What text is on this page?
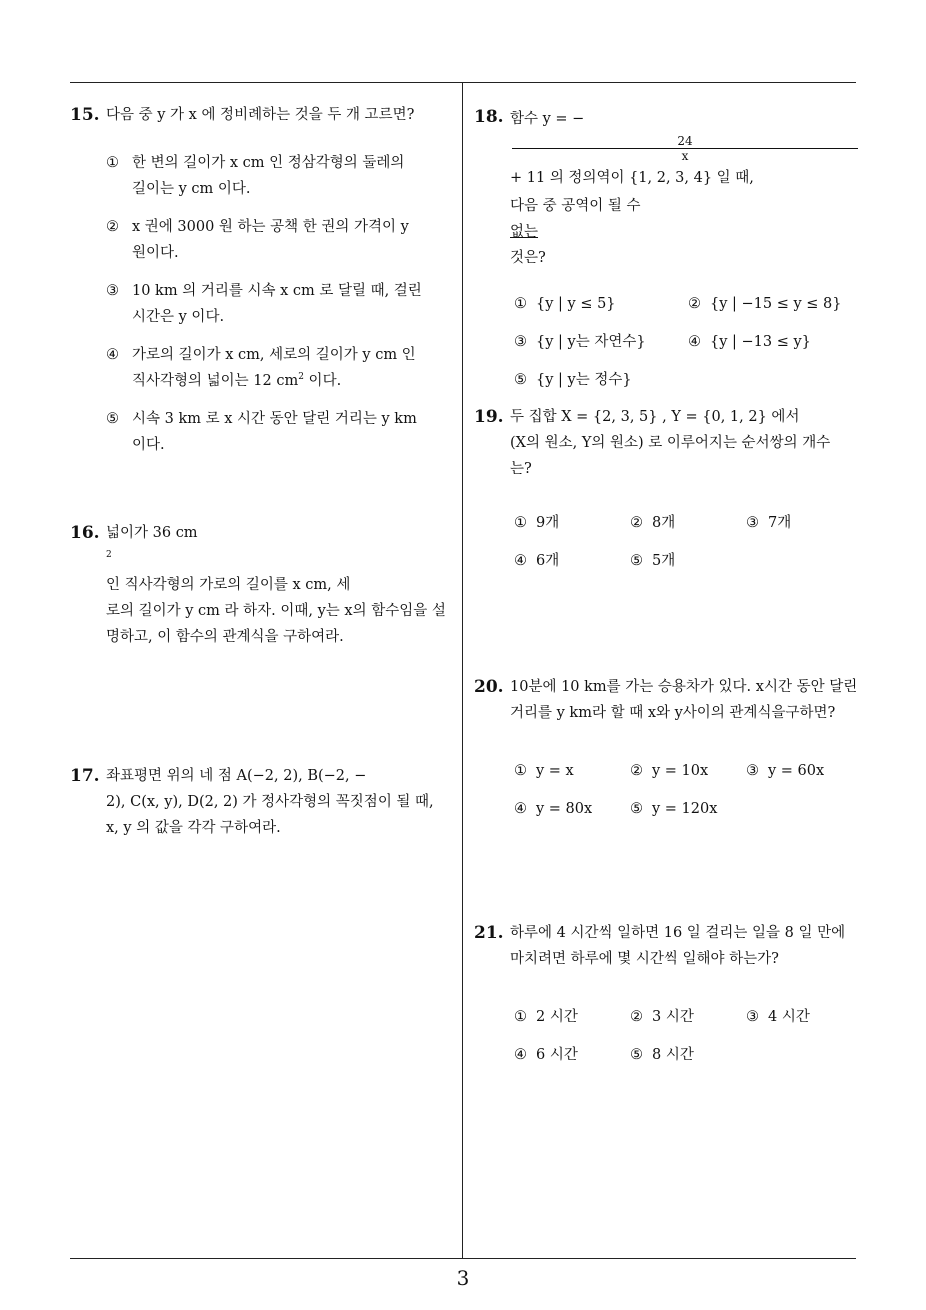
15. 다음 중 y 가 x 에 정비례하는 것을 두 개 고르면?
① 한 변의 길이가 x cm 인 정삼각형의 둘레의
길이는 y cm 이다.
② x 권에 3000 원 하는 공책 한 권의 가격이 y
원이다.
③ 10 km 의 거리를 시속 x cm 로 달릴 때, 걸린
시간은 y 이다.
④ 가로의 길이가 x cm, 세로의 길이가 y cm 인
직사각형의 넓이는 12 $cm^2$ 이다.
⑤ 시속 3 km 로 x 시간 동안 달린 거리는 y km
이다.
16. 넓이가 36 cm
$^2$
인 직사각형의 가로의 길이를 x cm, 세
로의 길이가 y cm 라 하자. 이때, y는 x의 함수임을 설
명하고, 이 함수의 관계식을 구하여라.
17. 좌표평면 위의 네 점 A(−2, 2), B(−2, −
2), C(x, y), D(2, 2) 가 정사각형의 꼭짓점이 될 때,
x, y 의 값을 각각 구하여라.
18. 함수 y = −
24
x
+ 11 의 정의역이 {1, 2, 3, 4} 일 때,
다음 중 공역이 될 수
없는
것은?
① {y | y ≤ 5}	② {y | −15 ≤ y ≤ 8}
③ {y | y는 자연수}	④ {y | −13 ≤ y}
⑤ {y | y는 정수}
19. 두 집합 X = {2, 3, 5} , Y = {0, 1, 2} 에서
(X의 원소, Y의 원소) 로 이루어지는 순서쌍의 개수
는?
① 9개	② 8개	③ 7개
④ 6개	⑤ 5개
20. 10분에 10 km를 가는 승용차가 있다. x시간 동안 달린
거리를 y km라 할 때 x와 y사이의 관계식을구하면?
① y = x	② y = 10x	③ y = 60x
④ y = 80x	⑤ y = 120x
21. 하루에 4 시간씩 일하면 16 일 걸리는 일을 8 일 만에
마치려면 하루에 몇 시간씩 일해야 하는가?
① 2 시간	② 3 시간	③ 4 시간
④ 6 시간	⑤ 8 시간
3
